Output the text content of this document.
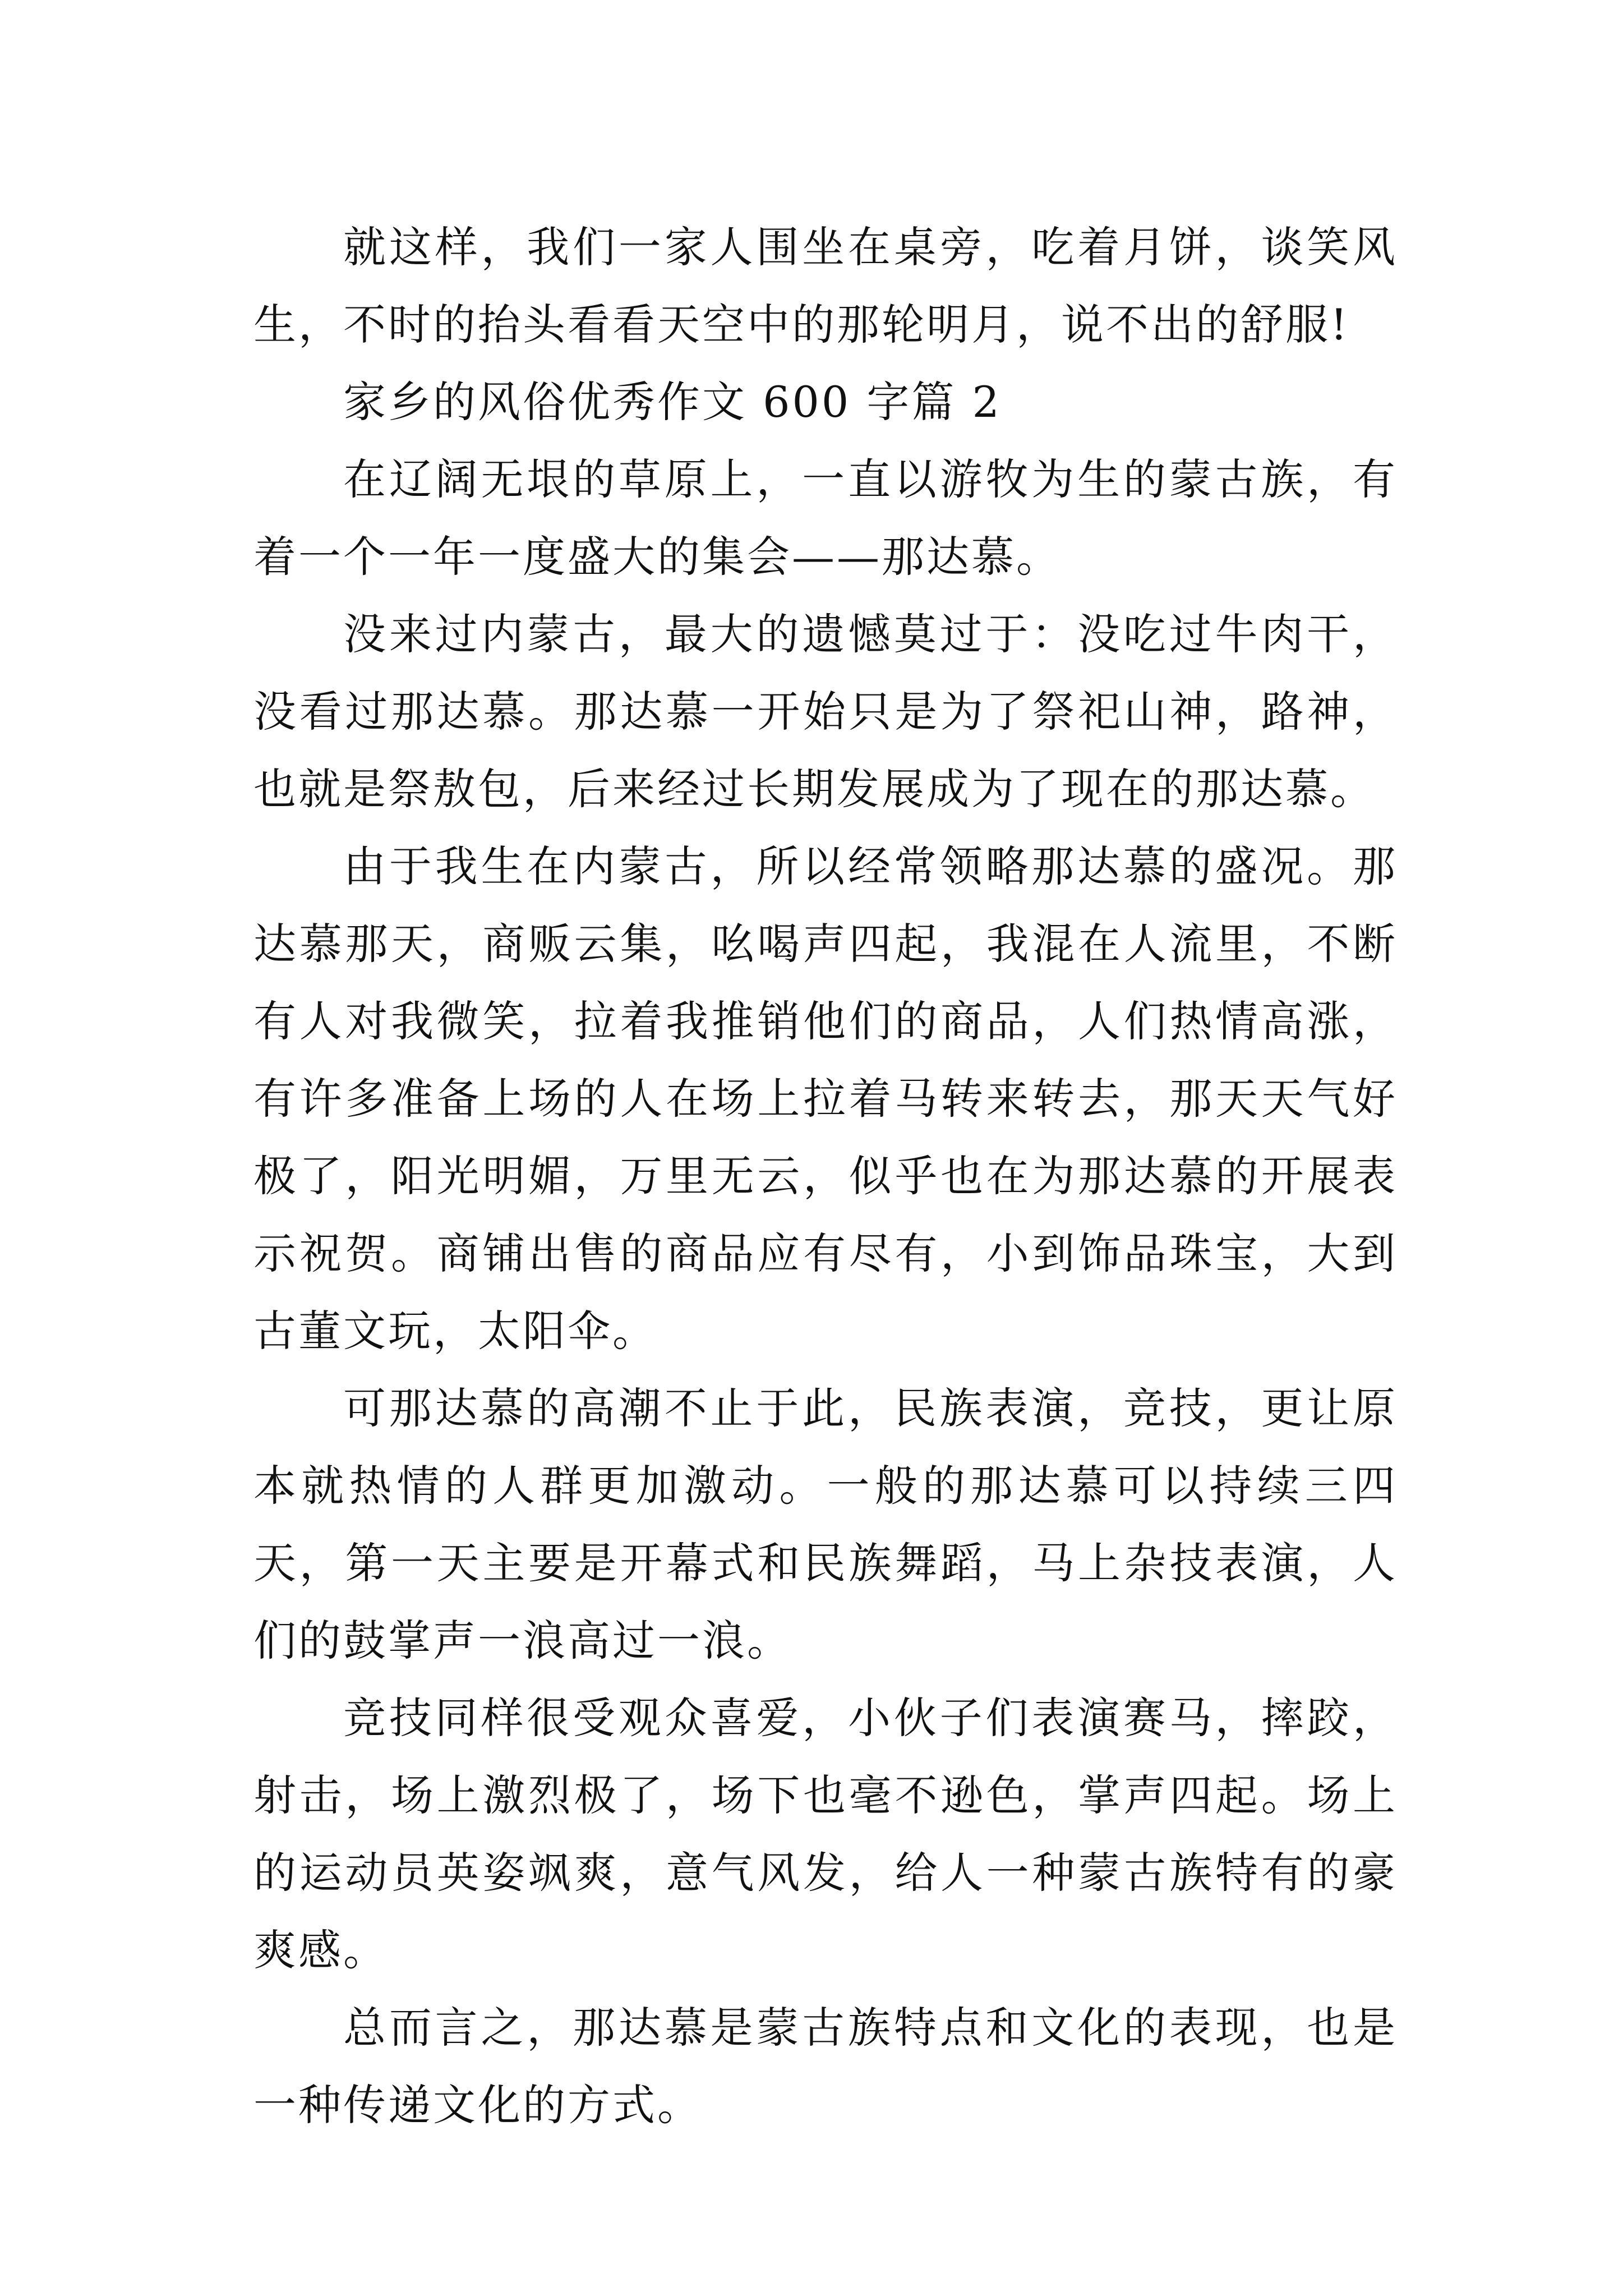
就这样，我们一家人围坐在桌旁，吃着月饼，谈笑风生，不时的抬头看看天空中的那轮明月，说不出的舒服!

家乡的风俗优秀作文 600 字篇 2

在辽阔无垠的草原上，一直以游牧为生的蒙古族，有着一个一年一度盛大的集会——那达慕。

没来过内蒙古，最大的遗憾莫过于：没吃过牛肉干，没看过那达慕。那达慕一开始只是为了祭祀山神，路神，也就是祭敖包，后来经过长期发展成为了现在的那达慕。

由于我生在内蒙古，所以经常领略那达慕的盛况。那达慕那天，商贩云集，吆喝声四起，我混在人流里，不断有人对我微笑，拉着我推销他们的商品，人们热情高涨，有许多准备上场的人在场上拉着马转来转去，那天天气好极了，阳光明媚，万里无云，似乎也在为那达慕的开展表示祝贺。商铺出售的商品应有尽有，小到饰品珠宝，大到古董文玩，太阳伞。

可那达慕的高潮不止于此，民族表演，竞技，更让原本就热情的人群更加激动。一般的那达慕可以持续三四天，第一天主要是开幕式和民族舞蹈，马上杂技表演，人们的鼓掌声一浪高过一浪。

竞技同样很受观众喜爱，小伙子们表演赛马，摔跤，射击，场上激烈极了，场下也毫不逊色，掌声四起。场上的运动员英姿飒爽，意气风发，给人一种蒙古族特有的豪爽感。

总而言之，那达慕是蒙古族特点和文化的表现，也是一种传递文化的方式。
